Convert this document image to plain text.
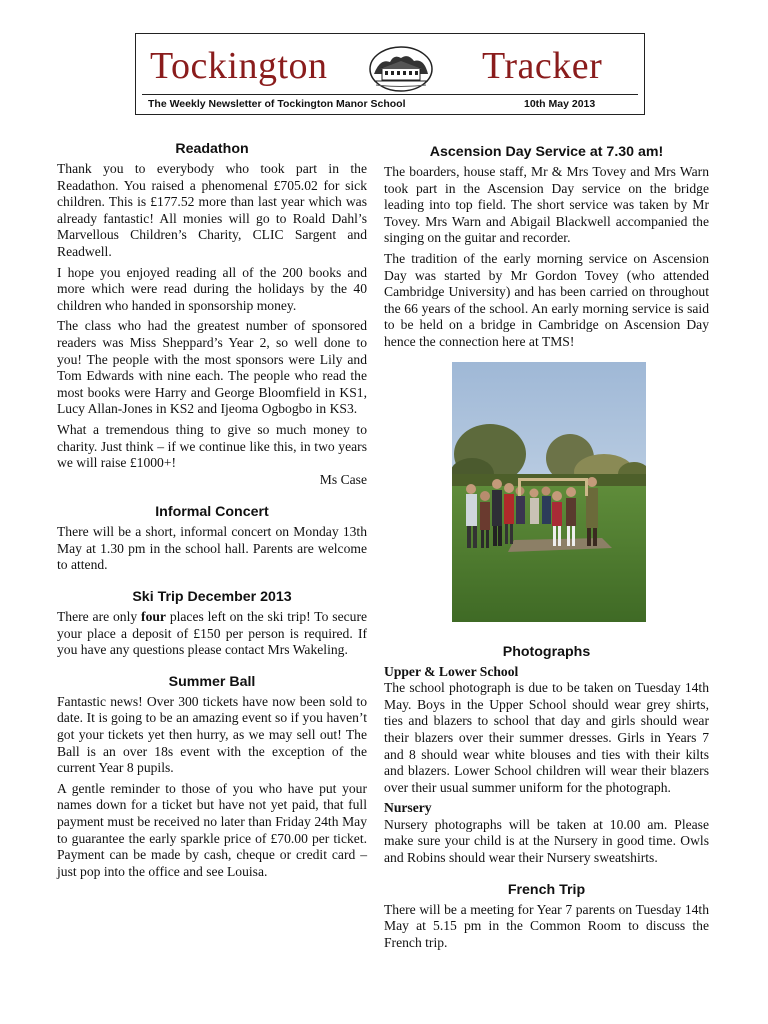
Tockington	Tracker
The Weekly Newsletter of Tockington Manor School	10th May 2013
Readathon

Thank you to everybody who took part in the Readathon. You raised a phenomenal £705.02 for sick children. This is £177.52 more than last year which was already fantastic! All monies will go to Roald Dahl’s Marvellous Children’s Charity, CLIC Sargent and Readwell.

I hope you enjoyed reading all of the 200 books and more which were read during the holidays by the 40 children who handed in sponsorship money.

The class who had the greatest number of sponsored readers was Miss Sheppard’s Year 2, so well done to you! The people with the most sponsors were Lily and Tom Edwards with nine each. The people who read the most books were Harry and George Bloomfield in KS1, Lucy Allan-Jones in KS2 and Ijeoma Ogbogbo in KS3.

What a tremendous thing to give so much money to charity. Just think – if we continue like this, in two years we will raise £1000+!

Ms Case

Informal Concert

There will be a short, informal concert on Monday 13th May at 1.30 pm in the school hall. Parents are welcome to attend.

Ski Trip December 2013

There are only four places left on the ski trip! To secure your place a deposit of £150 per person is required. If you have any questions please contact Mrs Wakeling.

Summer Ball

Fantastic news! Over 300 tickets have now been sold to date. It is going to be an amazing event so if you haven’t got your tickets yet then hurry, as we may sell out! The Ball is an over 18s event with the exception of the current Year 8 pupils.

A gentle reminder to those of you who have put your names down for a ticket but have not yet paid, that full payment must be received no later than Friday 24th May to guarantee the early sparkle price of £70.00 per ticket. Payment can be made by cash, cheque or credit card – just pop into the office and see Louisa.

Ascension Day Service at 7.30 am!

The boarders, house staff, Mr & Mrs Tovey and Mrs Warn took part in the Ascension Day service on the bridge leading into top field. The short service was taken by Mr Tovey. Mrs Warn and Abigail Blackwell accompanied the singing on the guitar and recorder.

The tradition of the early morning service on Ascension Day was started by Mr Gordon Tovey (who attended Cambridge University) and has been carried on throughout the 66 years of the school. An early morning service is said to be held on a bridge in Cambridge on Ascension Day hence the connection here at TMS!

Photographs

Upper & Lower School

The school photograph is due to be taken on Tuesday 14th May. Boys in the Upper School should wear grey shirts, ties and blazers to school that day and girls should wear their blazers over their summer dresses. Girls in Years 7 and 8 should wear white blouses and ties with their kilts and blazers. Lower School children will wear their blazers over their usual summer uniform for the photograph.

Nursery

Nursery photographs will be taken at 10.00 am. Please make sure your child is at the Nursery in good time. Owls and Robins should wear their Nursery sweatshirts.

French Trip

There will be a meeting for Year 7 parents on Tuesday 14th May at 5.15 pm in the Common Room to discuss the French trip.
